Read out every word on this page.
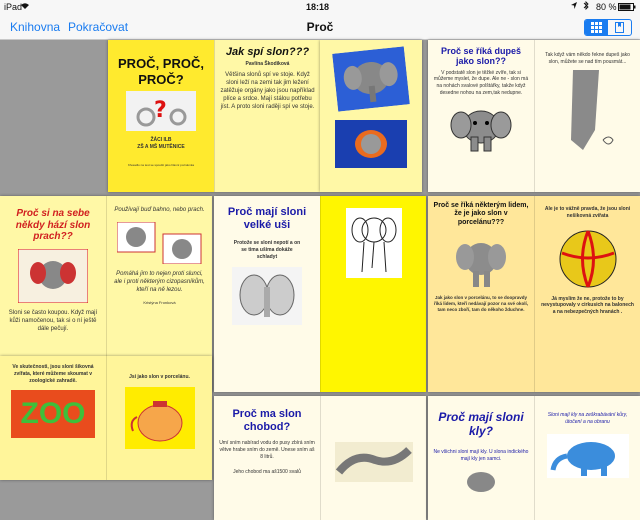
iPad	18:18	80 %
Knihovna Pokračovat	Proč
PROČ, PROČ, PROČ?
?
ŽÁCI ILB
ZŠ A MŠ MUTĚNICE
Křesadlo na test se spouští jako hlavní poznámka
Jak spí slon???
Pavlína Škodíková
Většina slonů spí ve stoje. Když sloni leží na zemi tak jim ležení zatěžuje orgány jako jsou například plíce a srdce. Mají stálou potřebu jíst. A proto sloni raději spí ve stoje.
Proč se říká dupeš jako slon??
V podstatě slon je těžké zvíře, tak si můžeme myslet, že dupe. Ale ne - slon má na nohách svalové polštářky, takže když desedne nohou na zem,tak nedupne.
Tak když vám někdo řekne dupeš jako slon, můžete se nad tím pousmát...
Proč si na sebe někdy hází slon prach??
Sloni se často koupou. Když mají kůži namočenou, tak si o ní ještě dále pečují.
Používají buď bahno, nebo prach.
Pomáhá jim to nejen proti slunci, ale i proti některým cizopasníkům, kteří na ně lezou.
Kristýna Fronková
Proč mají sloni velké uši
Protože se sloni nepotí a on se tima ušima dokáže schladyt
Proč se říká některým lidem, že je jako slon v porcelánu???
Jak jako slon v porcelánu, to se doopravdy říká lidem, kteří nedávají pozor na své okolí, tam neco zboří, tam do někoho žduchne.
Ale je to vážně pravda, že jsou sloni nešikovná zvířata
Já myslím že ne, protože to by nevystupovaly v cirkusich na balonech a na nebezpečných hranách .
Ve skutečnosti, jsou sloni šikovná zvířata, které můžeme skoumat v zoologické zahradě.
ZOO
Jsi jako slon v porcelánu.
Proč ma slon chobod?
Umí sním nabírad vodu do pusy zbírá sním větve hrabe sním do země. Unese sním aš 8 litrů.
Jeho chobod ma aš1500 svalů
Proč mají sloni kly?
Ne všichni sloni mají kly. U slona indického mají kly jen samci.
Sloni mají kly na zeškrabávání kůry, útočení a na obranu
